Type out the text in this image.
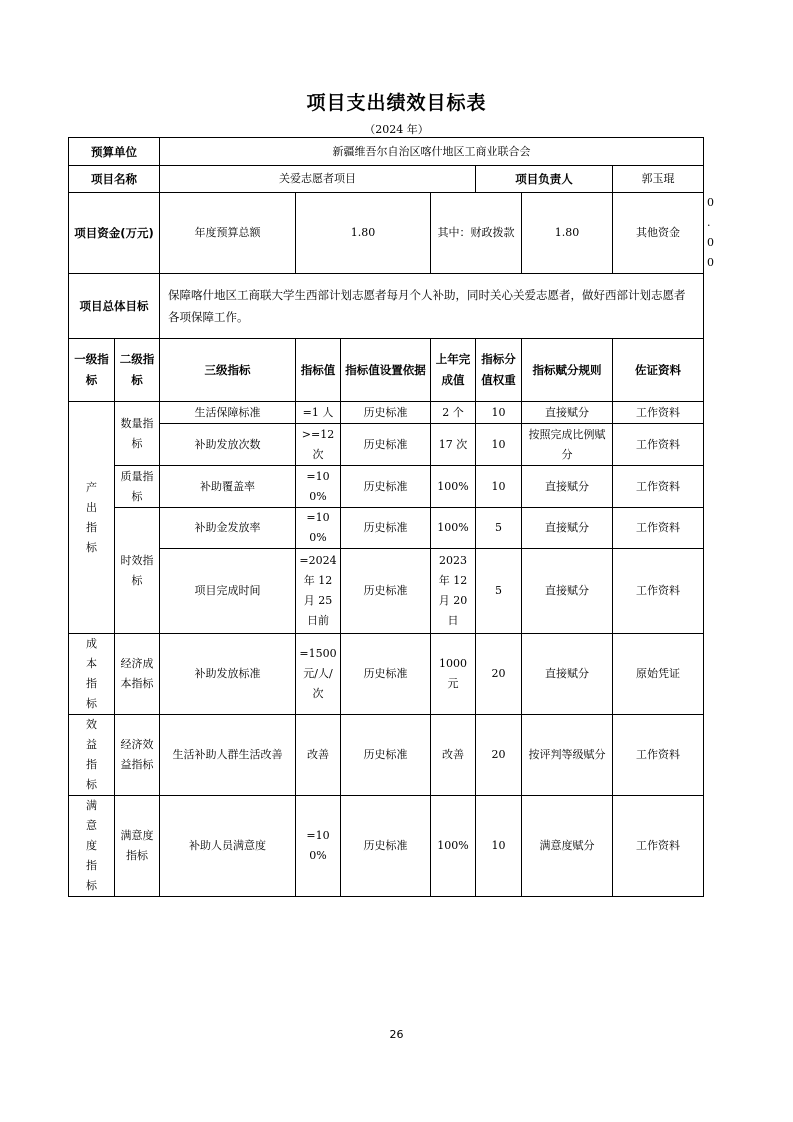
项目支出绩效目标表
（2024 年）
预算单位		新疆维吾尔自治区喀什地区工商业联合会							
项目名称		关爱志愿者项目				项目负责人		郭玉琨	
项目资金(万元)		年度预算总额	1.80		其中：财政拨款		1.80	其他资金	0.00
项目总体目标		保障喀什地区工商联大学生西部计划志愿者每月个人补助，同时关心关爱志愿者，做好西部计划志愿者各项保障工作。							
一级指标	二级指标	三级指标	指标值	指标值设置依据	上年完成值	指标分值权重	指标赋分规则	佐证资料	
产出指标	数量指标	生活保障标准	=1 人	历史标准	2 个	10	直接赋分	工作资料	
		补助发放次数	>=12 次	历史标准	17 次	10	按照完成比例赋分	工作资料	
	质量指标	补助覆盖率	=100%	历史标准	100%	10	直接赋分	工作资料	
	时效指标	补助金发放率	=100%	历史标准	100%	5	直接赋分	工作资料	
		项目完成时间	=2024 年 12 月 25 日前	历史标准	2023 年 12 月 20 日	5	直接赋分	工作资料	
成本指标	经济成本指标	补助发放标准	=1500 元/人/次	历史标准	1000 元	20	直接赋分	原始凭证	
效益指标	经济效益指标	生活补助人群生活改善	改善	历史标准	改善	20	按评判等级赋分	工作资料	
满意度指标	满意度指标	补助人员满意度	=100%	历史标准	100%	10	满意度赋分	工作资料	
26
